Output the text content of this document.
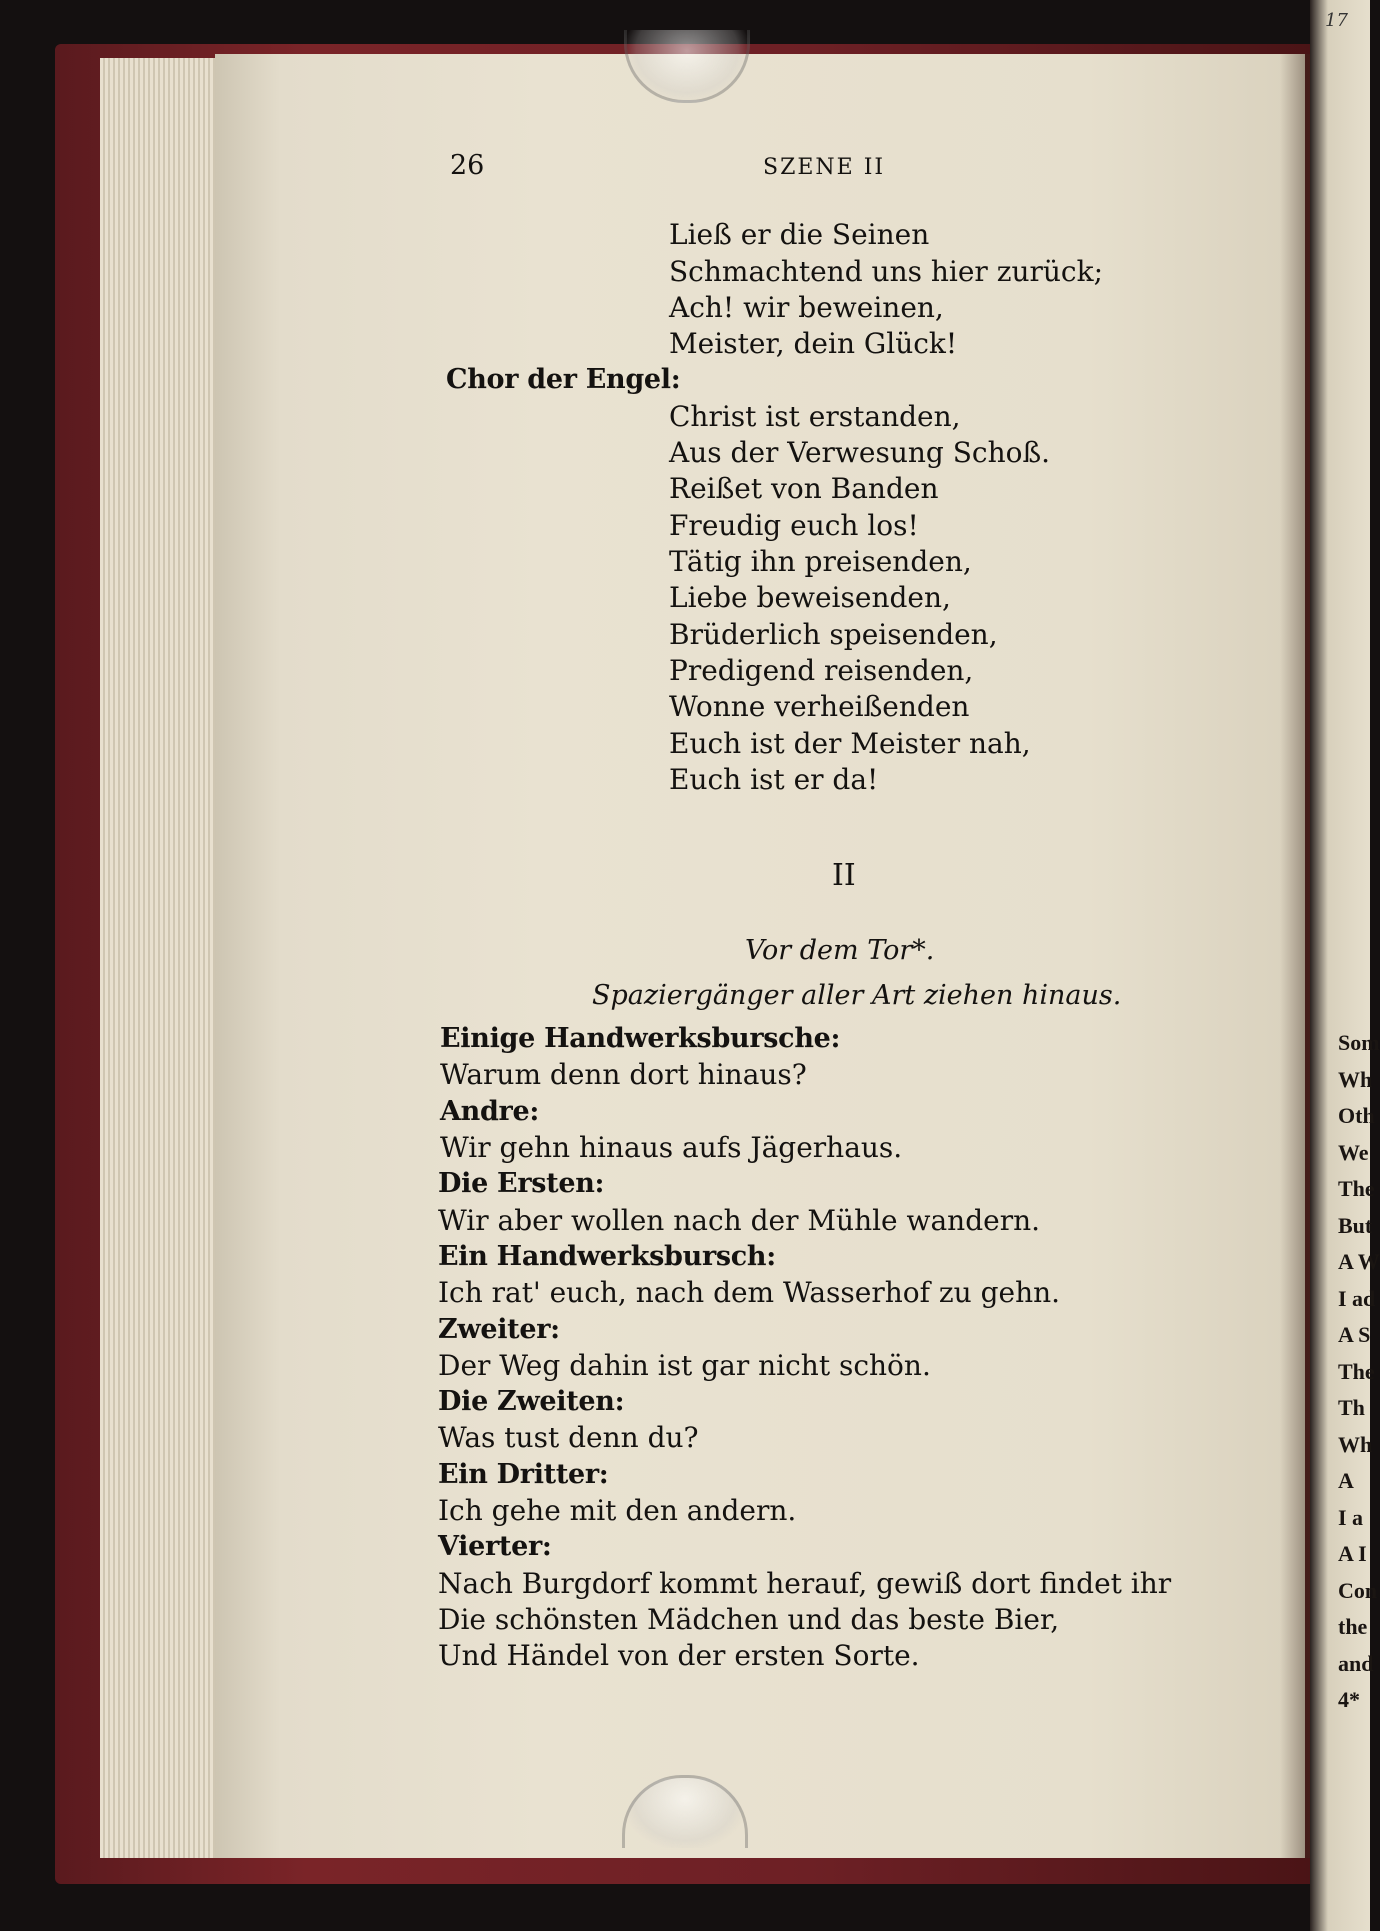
26	SZENE II
Ließ er die Seinen
Schmachtend uns hier zurück;
Ach! wir beweinen,
Meister, dein Glück!
Chor der Engel:
Christ ist erstanden,
Aus der Verwesung Schoß.
Reißet von Banden
Freudig euch los!
Tätig ihn preisenden,
Liebe beweisenden,
Brüderlich speisenden,
Predigend reisenden,
Wonne verheißenden
Euch ist der Meister nah,
Euch ist er da!
II
Vor dem Tor*.
Spaziergänger aller Art ziehen hinaus.
Einige Handwerksbursche:
Warum denn dort hinaus?
Andre:
Wir gehn hinaus aufs Jägerhaus.
Die Ersten:
Wir aber wollen nach der Mühle wandern.
Ein Handwerksbursch:
Ich rat' euch, nach dem Wasserhof zu gehn.
Zweiter:
Der Weg dahin ist gar nicht schön.
Die Zweiten:
Was tust denn du?
Ein Dritter:
Ich gehe mit den andern.
Vierter:
Nach Burgdorf kommt herauf, gewiß dort findet ihr
Die schönsten Mädchen und das beste Bier,
Und Händel von der ersten Sorte.
Som
Wh
Oth
We
The
But
A W
I ad
A S
The
Th
Wh
A
I a
A I
Con
the
and
4*
17
